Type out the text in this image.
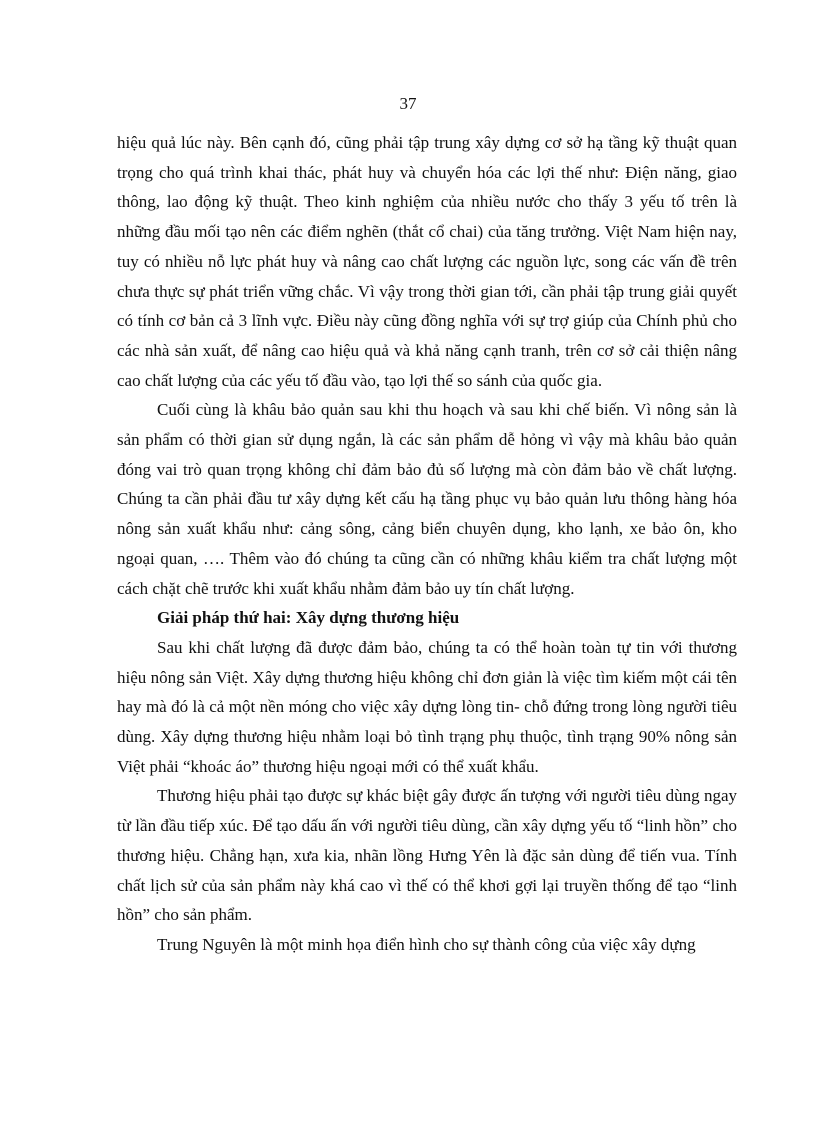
37

hiệu quả lúc này. Bên cạnh đó, cũng phải tập trung xây dựng cơ sở hạ tầng kỹ thuật quan trọng cho quá trình khai thác, phát huy và chuyển hóa các lợi thế như: Điện năng, giao thông, lao động kỹ thuật. Theo kinh nghiệm của nhiều nước cho thấy 3 yếu tố trên là những đầu mối tạo nên các điểm nghẽn (thắt cổ chai) của tăng trưởng. Việt Nam hiện nay, tuy có nhiều nỗ lực phát huy và nâng cao chất lượng các nguồn lực, song các vấn đề trên chưa thực sự phát triển vững chắc. Vì vậy trong thời gian tới, cần phải tập trung giải quyết có tính cơ bản cả 3 lĩnh vực. Điều này cũng đồng nghĩa với sự trợ giúp của Chính phủ cho các nhà sản xuất, để nâng cao hiệu quả và khả năng cạnh tranh, trên cơ sở cải thiện nâng cao chất lượng của các yếu tố đầu vào, tạo lợi thế so sánh của quốc gia.

Cuối cùng là khâu bảo quản sau khi thu hoạch và sau khi chế biến. Vì nông sản là sản phẩm có thời gian sử dụng ngắn, là các sản phẩm dễ hỏng vì vậy mà khâu bảo quản đóng vai trò quan trọng không chỉ đảm bảo đủ số lượng mà còn đảm bảo về chất lượng. Chúng ta cần phải đầu tư xây dựng kết cấu hạ tầng phục vụ bảo quản lưu thông hàng hóa nông sản xuất khẩu như: cảng sông, cảng biển chuyên dụng, kho lạnh, xe bảo ôn, kho ngoại quan, …. Thêm vào đó chúng ta cũng cần có những khâu kiểm tra chất lượng một cách chặt chẽ trước khi xuất khẩu nhằm đảm bảo uy tín chất lượng.

Giải pháp thứ hai: Xây dựng thương hiệu

Sau khi chất lượng đã được đảm bảo, chúng ta có thể hoàn toàn tự tin với thương hiệu nông sản Việt. Xây dựng thương hiệu không chỉ đơn giản là việc tìm kiếm một cái tên hay mà đó là cả một nền móng cho việc xây dựng lòng tin- chỗ đứng trong lòng người tiêu dùng. Xây dựng thương hiệu nhằm loại bỏ tình trạng phụ thuộc, tình trạng 90% nông sản Việt phải “khoác áo” thương hiệu ngoại mới có thể xuất khẩu.

Thương hiệu phải tạo được sự khác biệt gây được ấn tượng với người tiêu dùng ngay từ lần đầu tiếp xúc. Để tạo dấu ấn với người tiêu dùng, cần xây dựng yếu tố “linh hồn” cho thương hiệu. Chẳng hạn, xưa kia, nhãn lồng Hưng Yên là đặc sản dùng để tiến vua. Tính chất lịch sử của sản phẩm này khá cao vì thế có thể khơi gợi lại truyền thống để tạo “linh hồn” cho sản phẩm.

Trung Nguyên là một minh họa điển hình cho sự thành công của việc xây dựng
